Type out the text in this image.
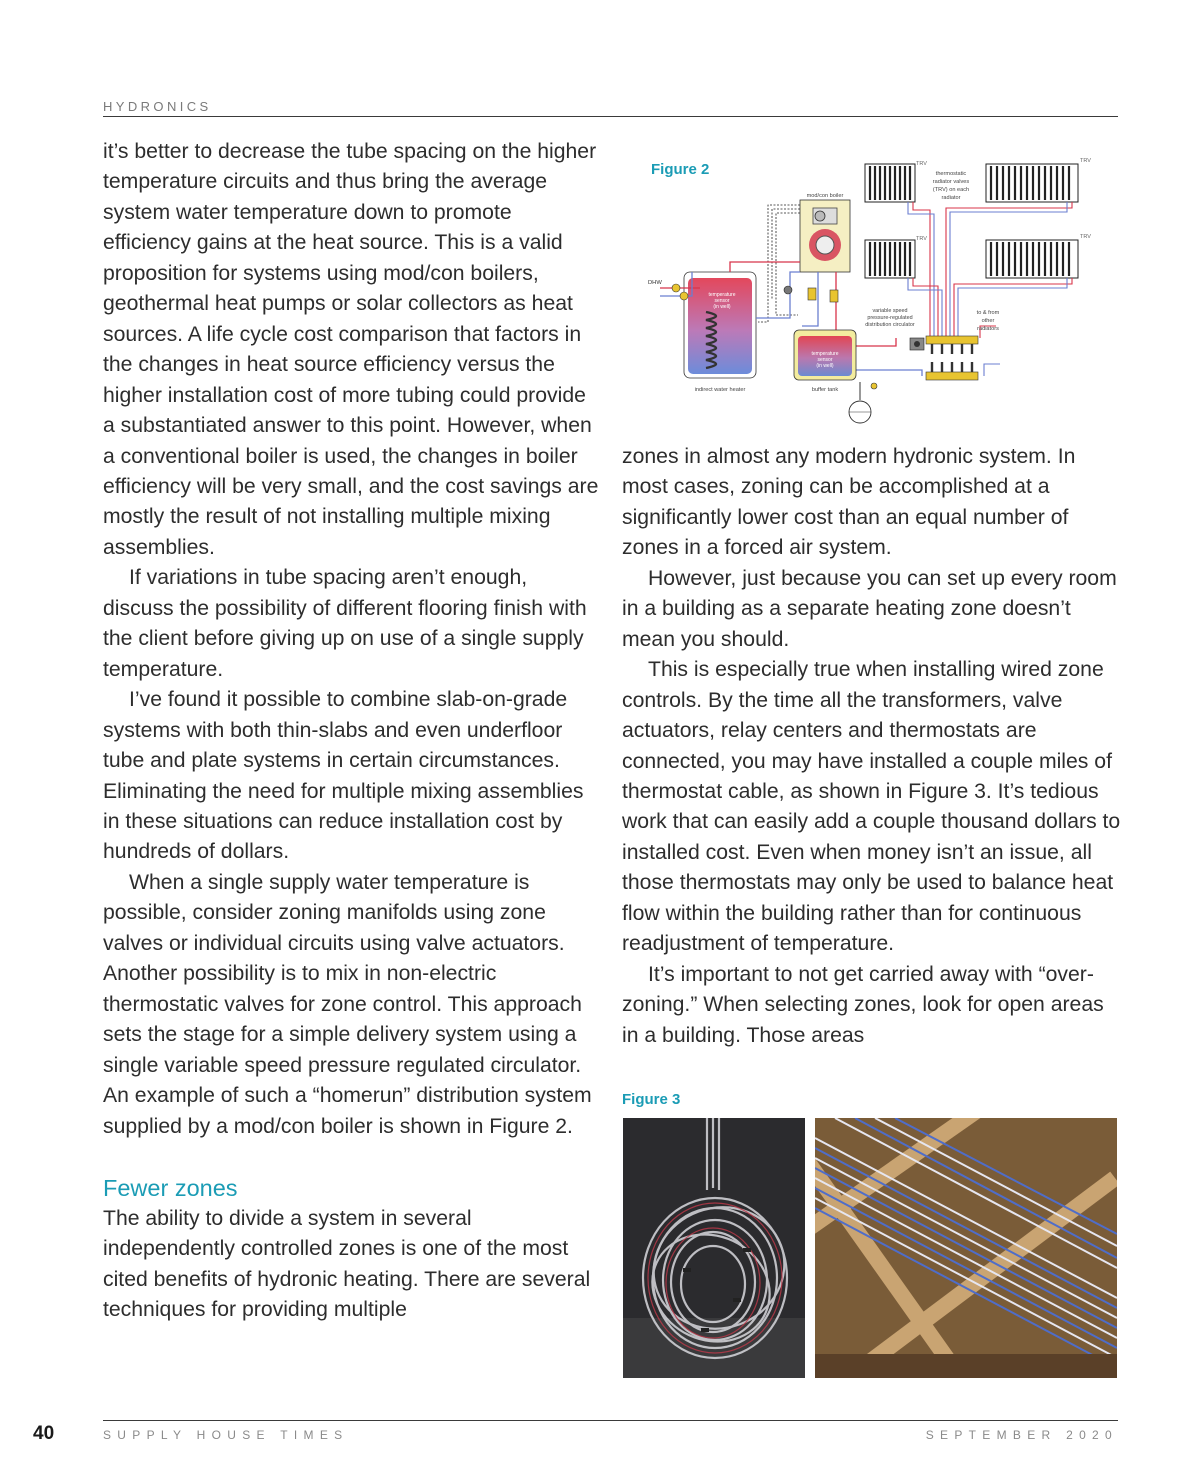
HYDRONICS

it’s better to decrease the tube spacing on the higher temperature circuits and thus bring the average system water temperature down to promote efficiency gains at the heat source. This is a valid proposition for systems using mod/con boilers, geothermal heat pumps or solar collectors as heat sources. A life cycle cost comparison that factors in the changes in heat source efficiency versus the higher installation cost of more tubing could provide a substantiated answer to this point. However, when a conventional boiler is used, the changes in boiler efficiency will be very small, and the cost savings are mostly the result of not installing multiple mixing assemblies.

If variations in tube spacing aren’t enough, discuss the possibility of different flooring finish with the client before giving up on use of a single supply temperature.

I’ve found it possible to combine slab-on-grade systems with both thin-slabs and even underfloor tube and plate systems in certain circumstances. Eliminating the need for multiple mixing assemblies in these situations can reduce installation cost by hundreds of dollars.

When a single supply water temperature is possible, consider zoning manifolds using zone valves or individual circuits using valve actuators. Another possibility is to mix in non-electric thermostatic valves for zone control. This approach sets the stage for a simple delivery system using a single variable speed pressure regulated circulator. An example of such a “homerun” distribution system supplied by a mod/con boiler is shown in Figure 2.

Fewer zones

The ability to divide a system in several independently controlled zones is one of the most cited benefits of hydronic heating. There are several techniques for providing multiple

Figure 2	TRV	TRV
TRV	TRV
thermostatic
radiator valves
(TRV) on each
radiator
mod/con boiler
temperature
sensor
(in well)
indirect water heater
DHW
temperature
sensor
(in well)
buffer tank
variable speed
pressure-regulated
distribution circulator
to & from
other
radiators

zones in almost any modern hydronic system. In most cases, zoning can be accomplished at a significantly lower cost than an equal number of zones in a forced air system.

However, just because you can set up every room in a building as a separate heating zone doesn’t mean you should.

This is especially true when installing wired zone controls. By the time all the transformers, valve actuators, relay centers and thermostats are connected, you may have installed a couple miles of thermostat cable, as shown in Figure 3. It’s tedious work that can easily add a couple thousand dollars to installed cost. Even when money isn’t an issue, all those thermostats may only be used to balance heat flow within the building rather than for continuous readjustment of temperature.

It’s important to not get carried away with “over-zoning.” When selecting zones, look for open areas in a building. Those areas

Figure 3
40	SUPPLY HOUSE TIMES	SEPTEMBER 2020
